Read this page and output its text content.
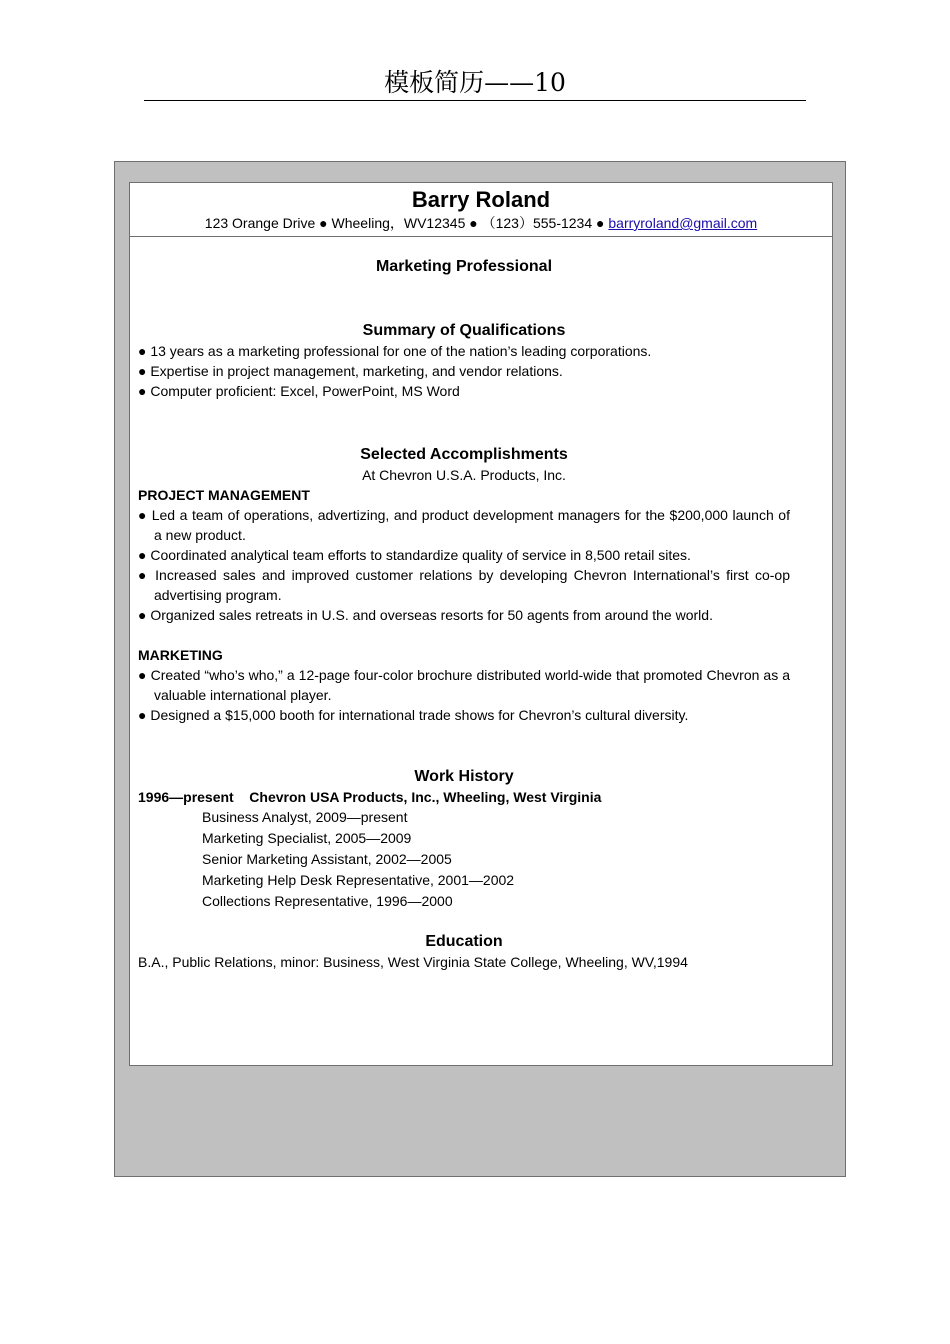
模板简历——10
Barry Roland
123 Orange Drive ● Wheeling，WV12345 ● （123）555-1234 ● barryroland@gmail.com
Marketing Professional
Summary of Qualifications
● 13 years as a marketing professional for one of the nation’s leading corporations.
● Expertise in project management, marketing, and vendor relations.
● Computer proficient: Excel, PowerPoint, MS Word
Selected Accomplishments
At Chevron U.S.A. Products, Inc.
PROJECT MANAGEMENT
● Led a team of operations, advertizing, and product development managers for the $200,000 launch of a new product.
● Coordinated analytical team efforts to standardize quality of service in 8,500 retail sites.
● Increased sales and improved customer relations by developing Chevron International’s first co-op advertising program.
● Organized sales retreats in U.S. and overseas resorts for 50 agents from around the world.
MARKETING
● Created “who’s who,” a 12-page four-color brochure distributed world-wide that promoted Chevron as a valuable international player.
● Designed a $15,000 booth for international trade shows for Chevron’s cultural diversity.
Work History
1996—present Chevron USA Products, Inc., Wheeling, West Virginia
Business Analyst, 2009—present
Marketing Specialist, 2005—2009
Senior Marketing Assistant, 2002—2005
Marketing Help Desk Representative, 2001—2002
Collections Representative, 1996—2000
Education
B.A., Public Relations, minor: Business, West Virginia State College, Wheeling, WV,1994
